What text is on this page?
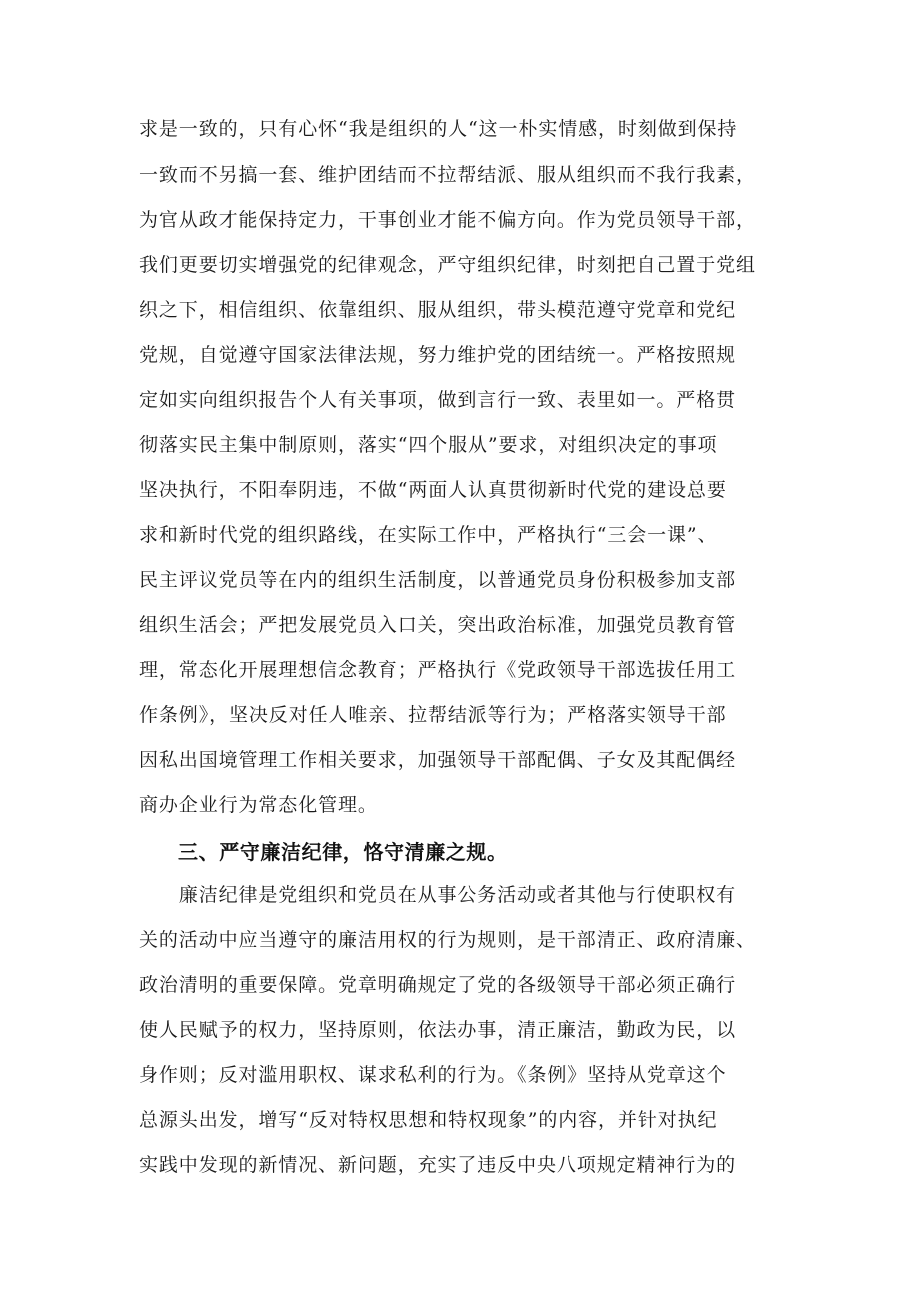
求是一致的，只有心怀“我是组织的人“这一朴实情感，时刻做到保持

一致而不另搞一套、维护团结而不拉帮结派、服从组织而不我行我素，

为官从政才能保持定力，干事创业才能不偏方向。作为党员领导干部，

我们更要切实增强党的纪律观念，严守组织纪律，时刻把自己置于党组

织之下，相信组织、依靠组织、服从组织，带头模范遵守党章和党纪

党规，自觉遵守国家法律法规，努力维护党的团结统一。严格按照规

定如实向组织报告个人有关事项，做到言行一致、表里如一。严格贯

彻落实民主集中制原则，落实“四个服从”要求，对组织决定的事项

坚决执行，不阳奉阴违，不做“两面人认真贯彻新时代党的建设总要

求和新时代党的组织路线，在实际工作中，严格执行“三会一课”、

民主评议党员等在内的组织生活制度，以普通党员身份积极参加支部

组织生活会；严把发展党员入口关，突出政治标准，加强党员教育管

理，常态化开展理想信念教育；严格执行《党政领导干部选拔任用工

作条例》，坚决反对任人唯亲、拉帮结派等行为；严格落实领导干部

因私出国境管理工作相关要求，加强领导干部配偶、子女及其配偶经

商办企业行为常态化管理。

三、严守廉洁纪律，恪守清廉之规。

　　廉洁纪律是党组织和党员在从事公务活动或者其他与行使职权有

关的活动中应当遵守的廉洁用权的行为规则，是干部清正、政府清廉、

政治清明的重要保障。党章明确规定了党的各级领导干部必须正确行

使人民赋予的权力，坚持原则，依法办事，清正廉洁，勤政为民，以

身作则；反对滥用职权、谋求私利的行为。《条例》坚持从党章这个

总源头出发，增写“反对特权思想和特权现象”的内容，并针对执纪

实践中发现的新情况、新问题，充实了违反中央八项规定精神行为的
